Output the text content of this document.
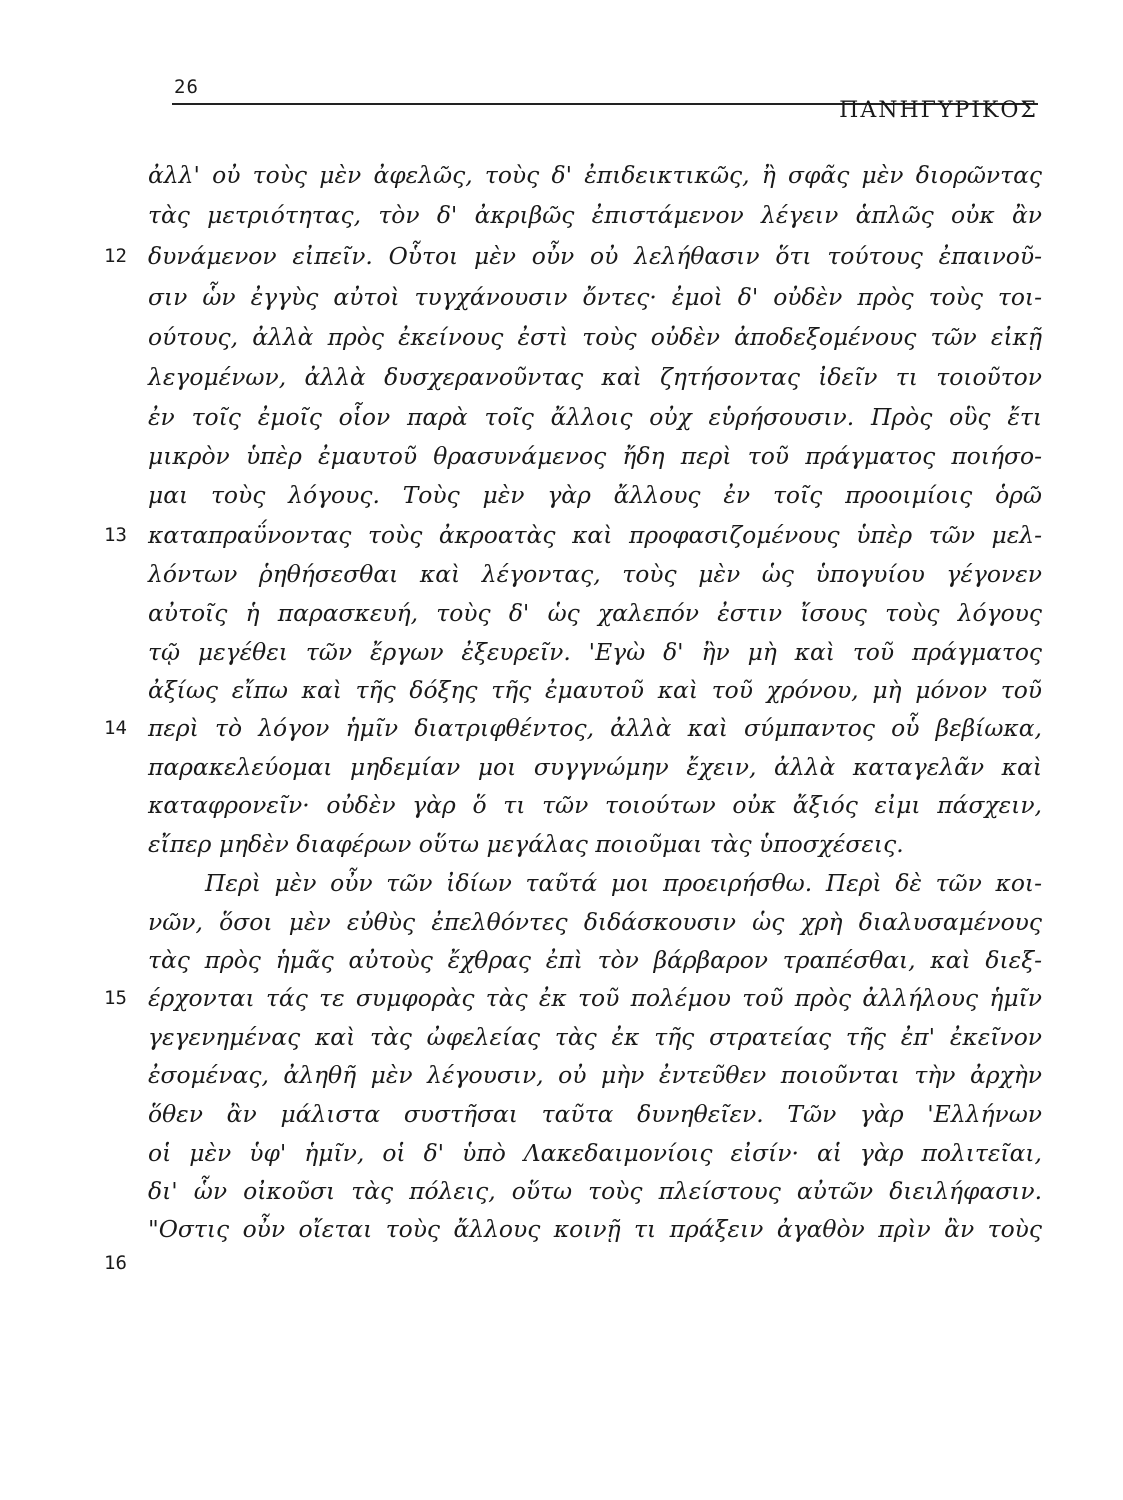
26
ΠΑΝΗΓΥΡΙΚΟΣ
12
13
14
15
16
ἀλλ' οὐ τοὺς μὲν ἀφελῶς, τοὺς δ' ἐπιδεικτικῶς, ἢ σφᾶς μὲν διορῶντας
τὰς μετριότητας, τὸν δ' ἀκριβῶς ἐπιστάμενον λέγειν ἁπλῶς οὐκ ἂν
δυνάμενον εἰπεῖν. Οὗτοι μὲν οὖν οὐ λελήθασιν ὅτι τούτους ἐπαινοῦ-
σιν ὧν ἐγγὺς αὐτοὶ τυγχάνουσιν ὄντες· ἐμοὶ δ' οὐδὲν πρὸς τοὺς τοι-
ούτους, ἀλλὰ πρὸς ἐκείνους ἐστὶ τοὺς οὐδὲν ἀποδεξομένους τῶν εἰκῇ
λεγομένων, ἀλλὰ δυσχερανοῦντας καὶ ζητήσοντας ἰδεῖν τι τοιοῦτον
ἐν τοῖς ἐμοῖς οἷον παρὰ τοῖς ἄλλοις οὐχ εὑρήσουσιν. Πρὸς οὓς ἔτι
μικρὸν ὑπὲρ ἐμαυτοῦ θρασυνάμενος ἤδη περὶ τοῦ πράγματος ποιήσο-
μαι τοὺς λόγους. Τοὺς μὲν γὰρ ἄλλους ἐν τοῖς προοιμίοις ὁρῶ
καταπραΰνοντας τοὺς ἀκροατὰς καὶ προφασιζομένους ὑπὲρ τῶν μελ-
λόντων ῥηθήσεσθαι καὶ λέγοντας, τοὺς μὲν ὡς ὑπογυίου γέγονεν
αὐτοῖς ἡ παρασκευή, τοὺς δ' ὡς χαλεπόν ἐστιν ἴσους τοὺς λόγους
τῷ μεγέθει τῶν ἔργων ἐξευρεῖν. 'Εγὼ δ' ἢν μὴ καὶ τοῦ πράγματος
ἀξίως εἴπω καὶ τῆς δόξης τῆς ἐμαυτοῦ καὶ τοῦ χρόνου, μὴ μόνον τοῦ
περὶ τὸ λόγον ἡμῖν διατριφθέντος, ἀλλὰ καὶ σύμπαντος οὗ βεβίωκα,
παρακελεύομαι μηδεμίαν μοι συγγνώμην ἔχειν, ἀλλὰ καταγελᾶν καὶ
καταφρονεῖν· οὐδὲν γὰρ ὅ τι τῶν τοιούτων οὐκ ἄξιός εἰμι πάσχειν,
εἴπερ μηδὲν διαφέρων οὕτω μεγάλας ποιοῦμαι τὰς ὑποσχέσεις.
Περὶ μὲν οὖν τῶν ἰδίων ταῦτά μοι προειρήσθω. Περὶ δὲ τῶν κοι-
νῶν, ὅσοι μὲν εὐθὺς ἐπελθόντες διδάσκουσιν ὡς χρὴ διαλυσαμένους
τὰς πρὸς ἡμᾶς αὐτοὺς ἔχθρας ἐπὶ τὸν βάρβαρον τραπέσθαι, καὶ διεξ-
έρχονται τάς τε συμφορὰς τὰς ἐκ τοῦ πολέμου τοῦ πρὸς ἀλλήλους ἡμῖν
γεγενημένας καὶ τὰς ὠφελείας τὰς ἐκ τῆς στρατείας τῆς ἐπ' ἐκεῖνον
ἐσομένας, ἀληθῆ μὲν λέγουσιν, οὐ μὴν ἐντεῦθεν ποιοῦνται τὴν ἀρχὴν
ὅθεν ἂν μάλιστα συστῆσαι ταῦτα δυνηθεῖεν. Τῶν γὰρ 'Ελλήνων
οἱ μὲν ὑφ' ἡμῖν, οἱ δ' ὑπὸ Λακεδαιμονίοις εἰσίν· αἱ γὰρ πολιτεῖαι,
δι' ὧν οἰκοῦσι τὰς πόλεις, οὕτω τοὺς πλείστους αὐτῶν διειλήφασιν.
"Οστις οὖν οἴεται τοὺς ἄλλους κοινῇ τι πράξειν ἀγαθὸν πρὶν ἂν τοὺς
